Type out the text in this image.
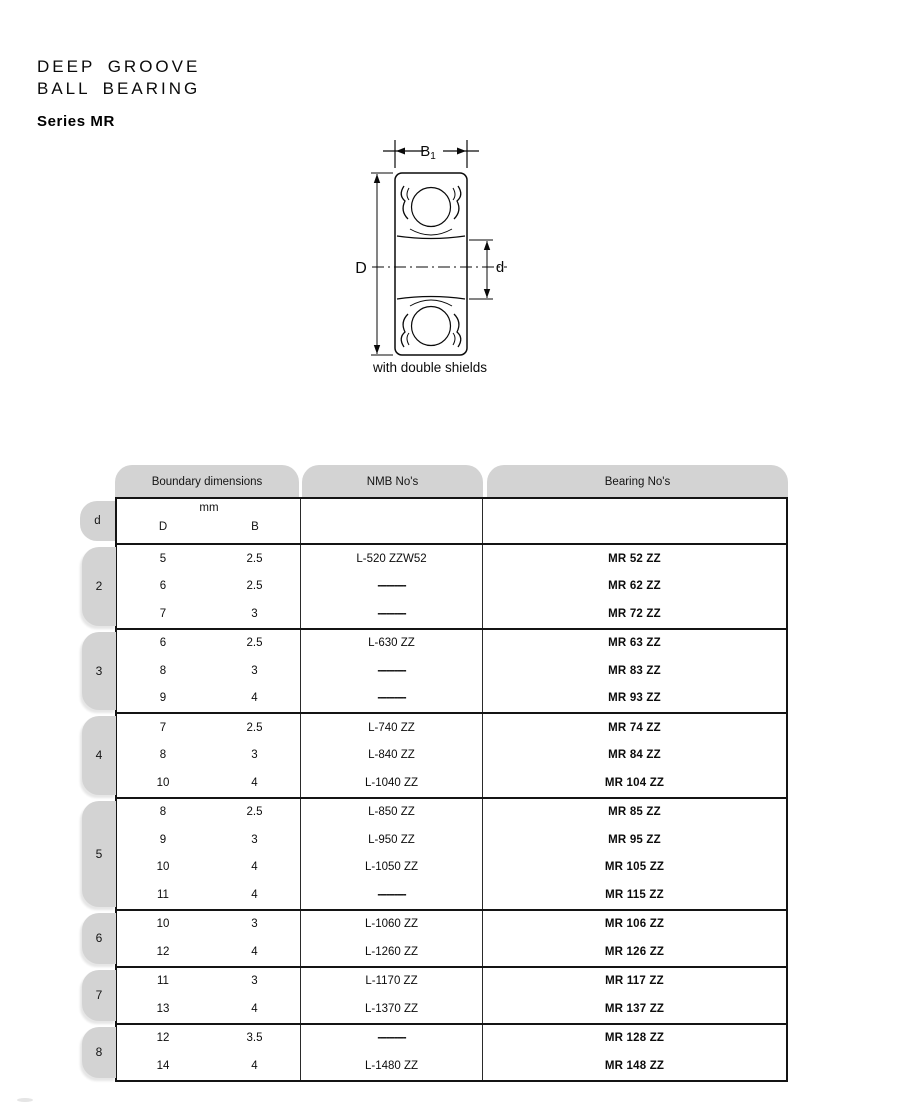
DEEP GROOVE
BALL BEARING
Series MR
$B_1$
D	d
with double shields
Boundary dimensions	NMB No's	Bearing No's
d
mm
D	B
2
5	2.5	L-520 ZZW52	MR 52 ZZ
6	2.5	----------	MR 62 ZZ
7	3	----------	MR 72 ZZ
3
6	2.5	L-630 ZZ	MR 63 ZZ
8	3	----------	MR 83 ZZ
9	4	----------	MR 93 ZZ
4
7	2.5	L-740 ZZ	MR 74 ZZ
8	3	L-840 ZZ	MR 84 ZZ
10	4	L-1040 ZZ	MR 104 ZZ
5
8	2.5	L-850 ZZ	MR 85 ZZ
9	3	L-950 ZZ	MR 95 ZZ
10	4	L-1050 ZZ	MR 105 ZZ
11	4	----------	MR 115 ZZ
6
10	3	L-1060 ZZ	MR 106 ZZ
12	4	L-1260 ZZ	MR 126 ZZ
7
11	3	L-1170 ZZ	MR 117 ZZ
13	4	L-1370 ZZ	MR 137 ZZ
8
12	3.5	----------	MR 128 ZZ
14	4	L-1480 ZZ	MR 148 ZZ
